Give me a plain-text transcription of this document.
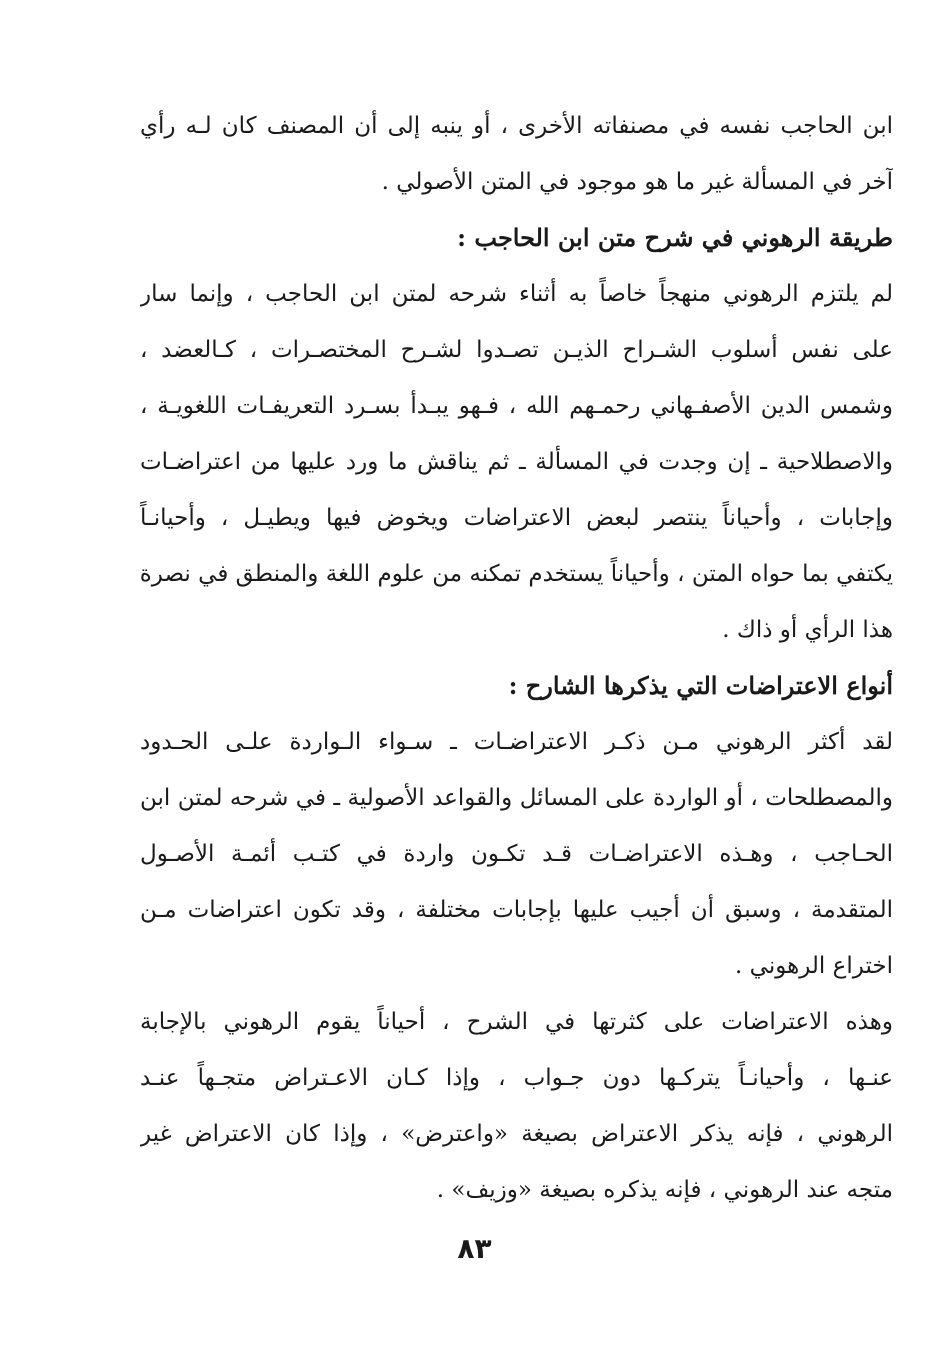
ابن الحاجب نفسه في مصنفاته الأخرى ، أو ينبه إلى أن المصنف كان لـه رأي
آخر في المسألة غير ما هو موجود في المتن الأصولي .
طريقة الرهوني في شرح متن ابن الحاجب :
لم يلتزم الرهوني منهجاً خاصاً به أثناء شرحه لمتن ابن الحاجب ، وإنما سار
على نفس أسلوب الشـراح الذيـن تصـدوا لشـرح المختصـرات ، كـالعضد ،
وشمس الدين الأصفـهاني رحمـهم الله ، فـهو يبـدأ بسـرد التعريفـات اللغويـة ،
والاصطلاحية ـ إن وجدت في المسألة ـ ثم يناقش ما ورد عليها من اعتراضـات
وإجابات ، وأحياناً ينتصر لبعض الاعتراضات ويخوض فيها ويطيـل ، وأحيانـاً
يكتفي بما حواه المتن ، وأحياناً يستخدم تمكنه من علوم اللغة والمنطق في نصرة
هذا الرأي أو ذاك .
أنواع الاعتراضات التي يذكرها الشارح :
لقد أكثر الرهوني مـن ذكـر الاعتراضـات ـ سـواء الـواردة علـى الحـدود
والمصطلحات ، أو الواردة على المسائل والقواعد الأصولية ـ في شرحه لمتن ابن
الحـاجب ، وهـذه الاعتراضـات قـد تكـون واردة في كتـب أئمـة الأصـول
المتقدمة ، وسبق أن أجيب عليها بإجابات مختلفة ، وقد تكون اعتراضات مـن
اختراع الرهوني .
وهذه الاعتراضات على كثرتها في الشرح ، أحياناً يقوم الرهوني بالإجابة
عنـها ، وأحيانـاً يتركـها دون جـواب ، وإذا كـان الاعـتراض متجـهاً عنـد
الرهوني ، فإنه يذكر الاعتراض بصيغة «واعترض» ، وإذا كان الاعتراض غير
متجه عند الرهوني ، فإنه يذكره بصيغة «وزيف» .
٨٣
